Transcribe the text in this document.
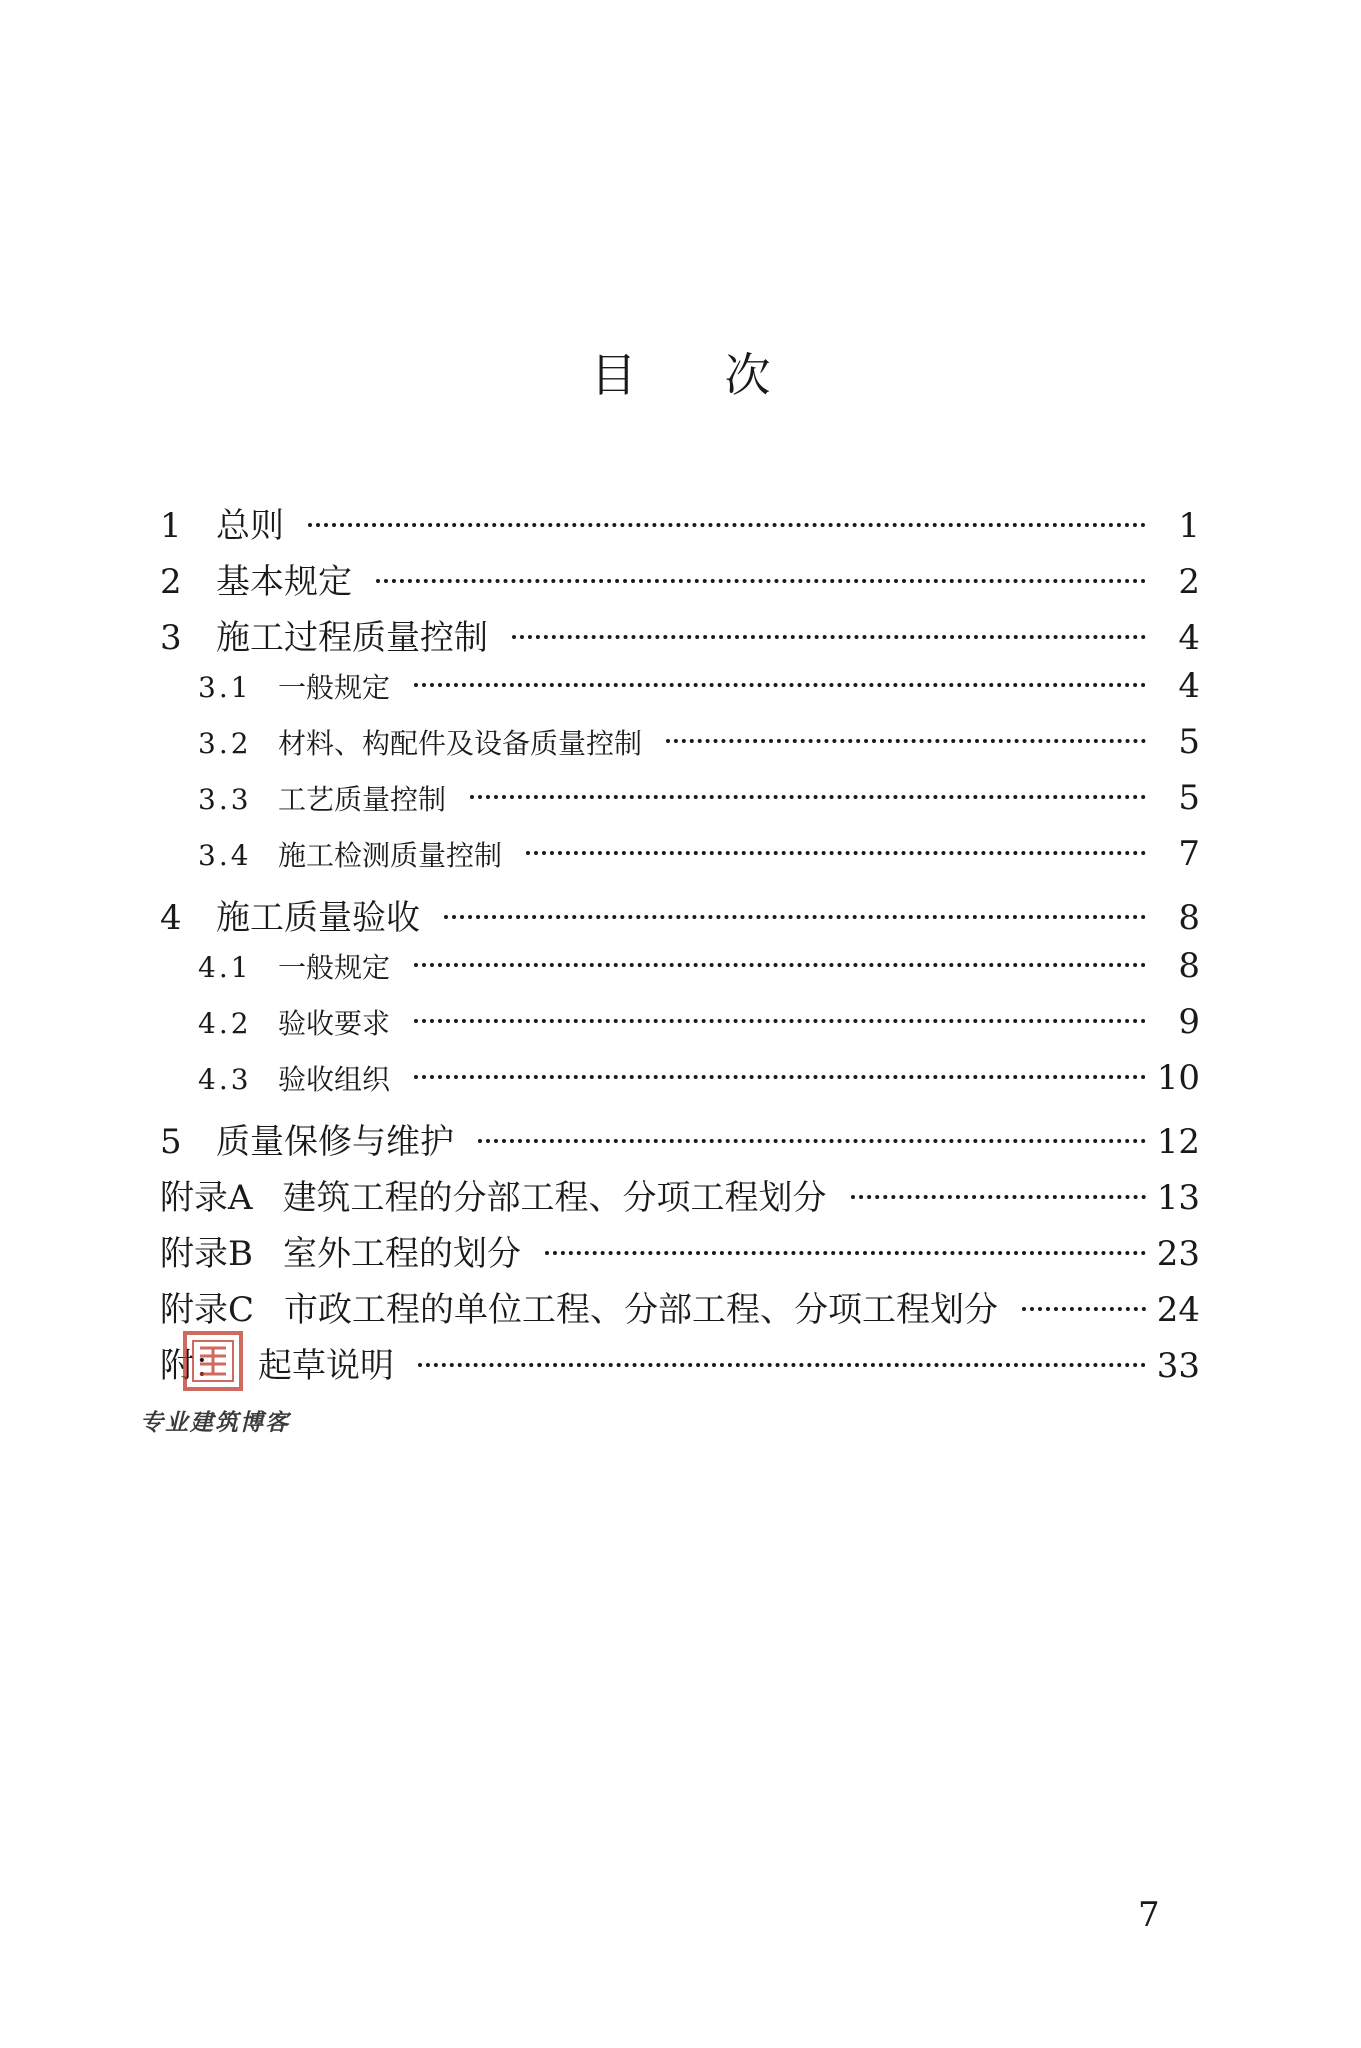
目次
1	总则	1
2	基本规定	2
3	施工过程质量控制	4
3.1 一般规定	4
3.2 材料、构配件及设备质量控制	5
3.3 工艺质量控制	5
3.4 施工检测质量控制	7
4	施工质量验收	8
4.1 一般规定	8
4.2 验收要求	9
4.3 验收组织	10
5	质量保修与维护	12
附录A 建筑工程的分部工程、分项工程划分	13
附录B 室外工程的划分	23
附录C 市政工程的单位工程、分部工程、分项工程划分	24
附： 起草说明	33
专业建筑博客
7
